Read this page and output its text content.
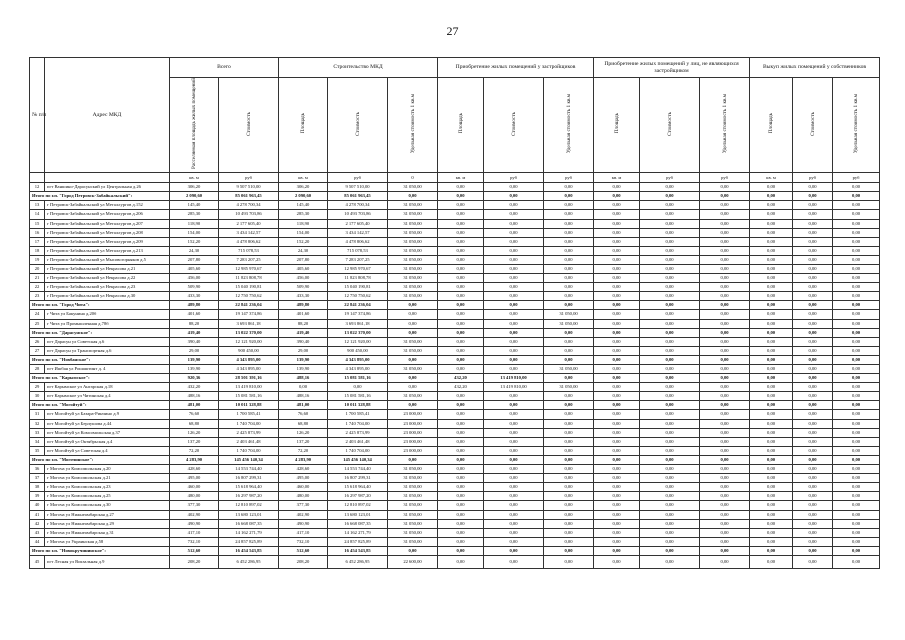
27
№ п/п	Адрес МКД	Всего		Строительство МКД			Приобретение жилых помещений у застройщиков			Приобретение жилых помещений у лиц, не являющихся застройщиком			Выкуп жилых помещений у собственников		
		Расселяемая площадь жилых помещений	Стоимость	Площадь	Стоимость	Удельная стоимость 1 кв.м	Площадь	Стоимость	Удельная стоимость 1 кв.м	Площадь	Стоимость	Удельная стоимость 1 кв.м	Площадь	Стоимость	Удельная стоимость 1 кв.м
		кв. м	руб	кв. м	руб	0	кв. м	руб	руб	кв. м	руб	руб	кв. м	руб	руб
12	пгт Ваншино-Дарасунский ул Центральная д.26	306,20	9 507 510,00	306,20	9 507 510,00	31 050,00	0,00	0,00	0,00	0,00	0,00	0,00	0,00	0,00	0,00
Итого по г.п. "Город Петровск-Забайкальский":		2 090,60	85 061 963,45	2 090,60	85 061 963,45	0,00	0,00	0,00	0,00	0,00	0,00	0,00	0,00	0,00	0,00
13	г Петровск-Забайкальский ул Металлургов д.152	145,40	4 278 700,34	145,40	4 278 700,34	31 050,00	0,00	0,00	0,00	0,00	0,00	0,00	0,00	0,00	0,00
14	г Петровск-Забайкальский ул Металлургов д.206	285,30	10 493 703,86	285,30	10 493 703,86	31 050,00	0,00	0,00	0,00	0,00	0,00	0,00	0,00	0,00	0,00
15	г Петровск-Забайкальский ул Металлургов д.207	118,90	2 177 605,40	118,90	2 177 605,40	31 050,00	0,00	0,00	0,00	0,00	0,00	0,00	0,00	0,00	0,00
16	г Петровск-Забайкальский ул Металлургов д.208	154,00	3 434 142,57	154,00	3 434 142,57	31 050,00	0,00	0,00	0,00	0,00	0,00	0,00	0,00	0,00	0,00
17	г Петровск-Забайкальский ул Металлургов д.209	152,20	4 478 806,62	152,20	4 478 806,62	31 050,00	0,00	0,00	0,00	0,00	0,00	0,00	0,00	0,00	0,00
18	г Петровск-Забайкальский ул Металлургов д.213	24,30	715 078,53	24,30	715 078,53	31 050,00	0,00	0,00	0,00	0,00	0,00	0,00	0,00	0,00	0,00
19	г Петровск-Забайкальский ул Мысовогорняков д.5	207,80	7 283 207,25	207,80	7 283 207,25	31 050,00	0,00	0,00	0,00	0,00	0,00	0,00	0,00	0,00	0,00
20	г Петровск-Забайкальский ул Некрасова д.21	405,60	12 985 970,67	405,60	12 985 970,67	31 050,00	0,00	0,00	0,00	0,00	0,00	0,00	0,00	0,00	0,00
21	г Петровск-Забайкальский ул Некрасова д.22	456,00	11 823 808,78	456,00	11 823 808,78	31 050,00	0,00	0,00	0,00	0,00	0,00	0,00	0,00	0,00	0,00
22	г Петровск-Забайкальский ул Некрасова д.23	509,90	15 040 190,81	509,90	15 040 190,81	31 050,00	0,00	0,00	0,00	0,00	0,00	0,00	0,00	0,00	0,00
23	г Петровск-Забайкальский ул Некрасова д.30	433,30	12 750 750,62	433,30	12 750 750,62	31 050,00	0,00	0,00	0,00	0,00	0,00	0,00	0,00	0,00	0,00
Итого по г.п. "Город Чита":		489,80	22 841 236,04	489,80	22 841 236,04	0,00	0,00	0,00	0,00	0,00	0,00	0,00	0,00	0,00	0,00
24	г Чита ул Бакунина д.20б	401,60	19 147 374,86	401,60	19 147 374,86	0,00	0,00	0,00	31 050,00	0,00	0,00	0,00	0,00	0,00	0,00
25	г Чита ул Промышленная д.78б	88,20	3 693 861,18	88,20	3 693 861,18	0,00	0,00	0,00	31 050,00	0,00	0,00	0,00	0,00	0,00	0,00
Итого по г.п. "Дарасунское":		419,40	13 022 370,00	419,40	13 022 370,00	0,00	0,00	0,00	0,00	0,00	0,00	0,00	0,00	0,00	0,00
26	пгт Дарасун ул Советская д.6	390,40	12 121 920,00	390,40	12 121 920,00	31 050,00	0,00	0,00	0,00	0,00	0,00	0,00	0,00	0,00	0,00
27	пгт Дарасун ул Транспортная д.6	29,00	900 450,00	29,00	900 450,00	31 050,00	0,00	0,00	0,00	0,00	0,00	0,00	0,00	0,00	0,00
Итого по г.п. "Новбанское":		139,90	4 343 895,00	139,90	4 343 895,00	0,00	0,00	0,00	0,00	0,00	0,00	0,00	0,00	0,00	0,00
28	пгт Ишбая ул Рошаштинт д. 4	139,90	4 343 895,00	139,90	4 343 895,00	31 050,00	0,00	0,00	31 050,00	0,00	0,00	0,00	0,00	0,00	0,00
Итого по г.п. "Карымское":		920,36	28 501 391,16	488,16	15 081 581,16	0,00	432,20	13 419 810,00	0,00	0,00	0,00	0,00	0,00	0,00	0,00
29	пгт Карымское ул Ангарская д.18	432,20	13 419 810,00	0,00	0,00	0,00	432,20	13 419 810,00	31 050,00	0,00	0,00	0,00	0,00	0,00	0,00
30	пгт Карымское ул Читинская д.4	488,16	15 081 581,16	488,16	15 081 581,16	31 050,00	0,00	0,00	0,00	0,00	0,00	0,00	0,00	0,00	0,00
Итого по г.п. "Могойтуй":		481,00	10 011 328,88	481,00	10 011 328,88	0,00	0,00	0,00	0,00	0,00	0,00	0,00	0,00	0,00	0,00
31	пгт Могойтуй ул Базара-Ринчино д.9	76,60	1 700 585,41	76,60	1 700 585,41	23 000,00	0,00	0,00	0,00	0,00	0,00	0,00	0,00	0,00	0,00
32	пгт Могойтуй ул Берлушова д.44	68,80	1 740 704,00	68,80	1 740 704,00	23 000,00	0,00	0,00	0,00	0,00	0,00	0,00	0,00	0,00	0,00
33	пгт Могойтуй ул Комсомольская д.37	126,20	2 425 873,99	126,20	2 425 873,99	23 000,00	0,00	0,00	0,00	0,00	0,00	0,00	0,00	0,00	0,00
34	пгт Могойтуй ул Октябрьская д.4	137,20	2 403 461,48	137,20	2 403 461,48	23 000,00	0,00	0,00	0,00	0,00	0,00	0,00	0,00	0,00	0,00
35	пгт Могойтуй ул Советская д.4	72,20	1 740 704,00	72,20	1 740 704,00	23 000,00	0,00	0,00	0,00	0,00	0,00	0,00	0,00	0,00	0,00
Итого по г.п. "Могочинское":		4 283,90	145 456 140,34	4 283,90	145 456 140,34	0,00	0,00	0,00	0,00	0,00	0,00	0,00	0,00	0,00	0,00
36	г Могоча ул Комсомольская д.20	428,60	14 553 744,40	428,60	14 553 744,40	31 050,00	0,00	0,00	0,00	0,00	0,00	0,00	0,00	0,00	0,00
37	г Могоча ул Комсомольская д.21	495,00	16 807 299,31	495,00	16 807 299,31	31 050,00	0,00	0,00	0,00	0,00	0,00	0,00	0,00	0,00	0,00
38	г Могоча ул Комсомольская д.23	460,00	15 618 964,40	460,00	15 618 964,40	31 050,00	0,00	0,00	0,00	0,00	0,00	0,00	0,00	0,00	0,00
39	г Могоча ул Комсомольская д.25	480,00	16 297 987,20	480,00	16 297 987,20	31 050,00	0,00	0,00	0,00	0,00	0,00	0,00	0,00	0,00	0,00
40	г Могоча ул Комсомольская д.30	377,30	12 810 897,02	377,30	12 810 897,02	31 050,00	0,00	0,00	0,00	0,00	0,00	0,00	0,00	0,00	0,00
41	г Могоча ул Нижнеамбарская д.27	402,90	13 680 123,01	402,90	13 680 123,01	31 050,00	0,00	0,00	0,00	0,00	0,00	0,00	0,00	0,00	0,00
42	г Могоча ул Нижнеамбарская д.29	490,90	16 668 087,35	490,90	16 668 087,35	31 050,00	0,00	0,00	0,00	0,00	0,00	0,00	0,00	0,00	0,00
43	г Могоча ул Нижнеамбарская д.31	417,10	14 162 271,79	417,10	14 162 271,79	31 050,00	0,00	0,00	0,00	0,00	0,00	0,00	0,00	0,00	0,00
44	г Могоча ул Украинская д.58	732,10	24 857 825,89	732,10	24 857 825,89	31 050,00	0,00	0,00	0,00	0,00	0,00	0,00	0,00	0,00	0,00
Итого по г.п. "Новокручининское":		512,60	16 454 543,85	512,60	16 454 543,85	0,00	0,00	0,00	0,00	0,00	0,00	0,00	0,00	0,00	0,00
45	пгт Лесная ул Вокзальная д.9	208,20	6 452 286,95	208,20	6 452 286,95	22 600,00	0,00	0,00	0,00	0,00	0,00	0,00	0,00	0,00	0,00
